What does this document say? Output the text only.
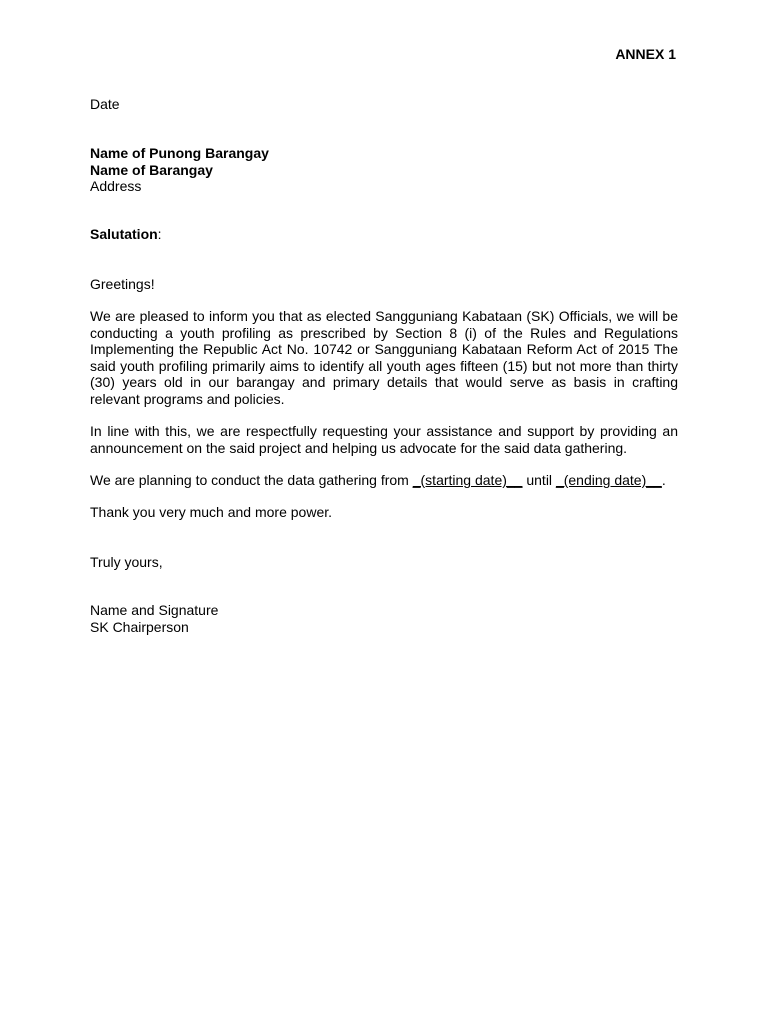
ANNEX 1
Date
Name of Punong Barangay
Name of Barangay
Address
Salutation:
Greetings!
We are pleased to inform you that as elected Sangguniang Kabataan (SK) Officials, we will be conducting a youth profiling as prescribed by Section 8 (i) of the Rules and Regulations Implementing the Republic Act No. 10742 or Sangguniang Kabataan Reform Act of 2015 The said youth profiling primarily aims to identify all youth ages fifteen (15) but not more than thirty (30) years old in our barangay and primary details that would serve as basis in crafting relevant programs and policies.
In line with this, we are respectfully requesting your assistance and support by providing an announcement on the said project and helping us advocate for the said data gathering.
We are planning to conduct the data gathering from _(starting date)__ until _(ending date)__.
Thank you very much and more power.
Truly yours,
Name and Signature
SK Chairperson
